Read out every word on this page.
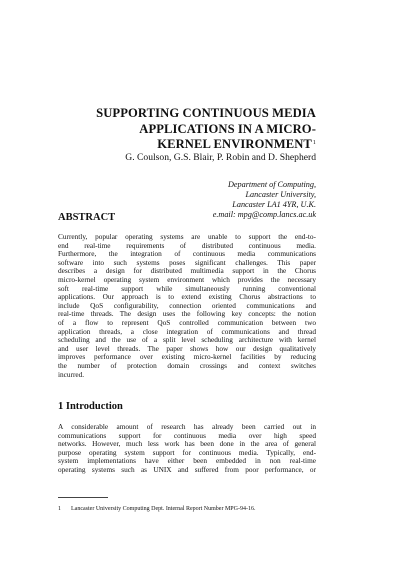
SUPPORTING CONTINUOUS MEDIA
APPLICATIONS IN A MICRO-
KERNEL ENVIRONMENT$^1$
G. Coulson, G.S. Blair, P. Robin and D. Shepherd
Department of Computing,
Lancaster University,
Lancaster LA1 4YR, U.K.
e.mail: mpg@comp.lancs.ac.uk
ABSTRACT
Currently, popular operating systems are unable to support the end-to-
end real-time requirements of distributed continuous media.
Furthermore, the integration of continuous media communications
software into such systems poses significant challenges. This paper
describes a design for distributed multimedia support in the Chorus
micro-kernel operating system environment which provides the necessary
soft real-time support while simultaneously running conventional
applications. Our approach is to extend existing Chorus abstractions to
include QoS configurability, connection oriented communications and
real-time threads. The design uses the following key concepts: the notion
of a flow to represent QoS controlled communication between two
application threads, a close integration of communications and thread
scheduling and the use of a split level scheduling architecture with kernel
and user level threads. The paper shows how our design qualitatively
improves performance over existing micro-kernel facilities by reducing
the number of protection domain crossings and context switches
incurred.
1 Introduction
A considerable amount of research has already been carried out in
communications support for continuous media over high speed
networks. However, much less work has been done in the area of general
purpose operating system support for continuous media. Typically, end-
system implementations have either been embedded in non real-time
operating systems such as UNIX and suffered from poor performance, or
1 Lancaster University Computing Dept. Internal Report Number MPG-94-16.
